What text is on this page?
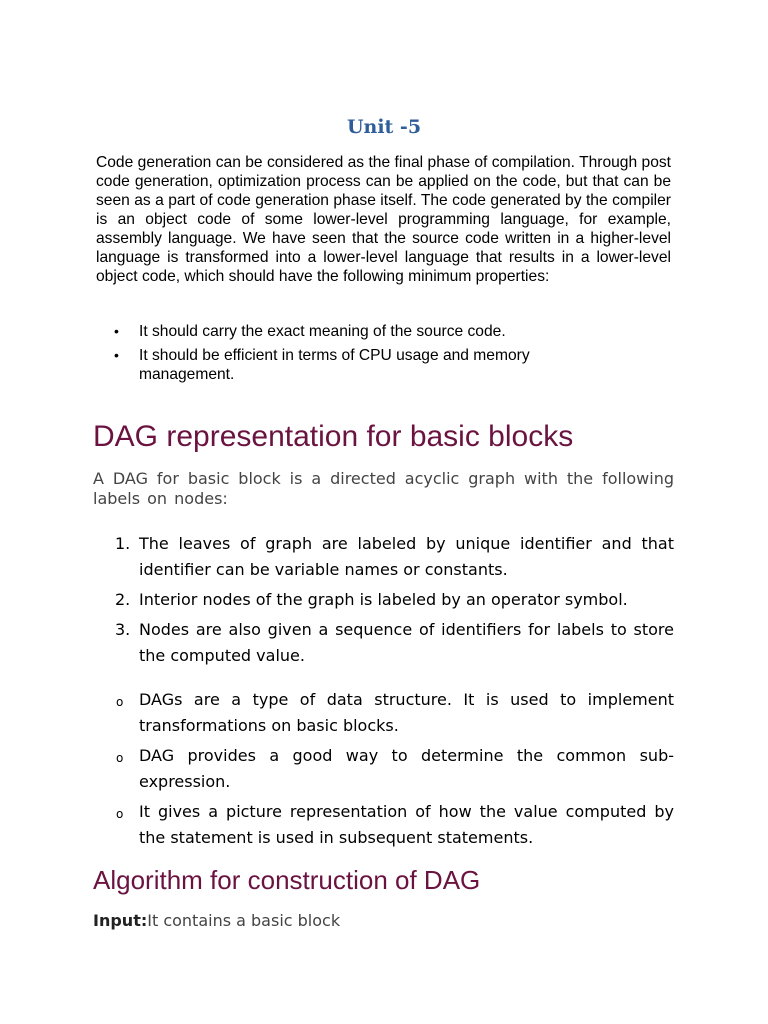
Unit -5

Code generation can be considered as the final phase of compilation. Through post code generation, optimization process can be applied on the code, but that can be seen as a part of code generation phase itself. The code generated by the compiler is an object code of some lower-level programming language, for example, assembly language. We have seen that the source code written in a higher-level language is transformed into a lower-level language that results in a lower-level object code, which should have the following minimum properties:

• It should carry the exact meaning of the source code.
• It should be efficient in terms of CPU usage and memory management.
DAG representation for basic blocks

A DAG for basic block is a directed acyclic graph with the following labels on nodes:

1. The leaves of graph are labeled by unique identifier and that identifier can be variable names or constants.
2. Interior nodes of the graph is labeled by an operator symbol.
3. Nodes are also given a sequence of identifiers for labels to store the computed value.
o DAGs are a type of data structure. It is used to implement transformations on basic blocks.
o DAG provides a good way to determine the common sub-expression.
o It gives a picture representation of how the value computed by the statement is used in subsequent statements.
Algorithm for construction of DAG

Input:It contains a basic block
